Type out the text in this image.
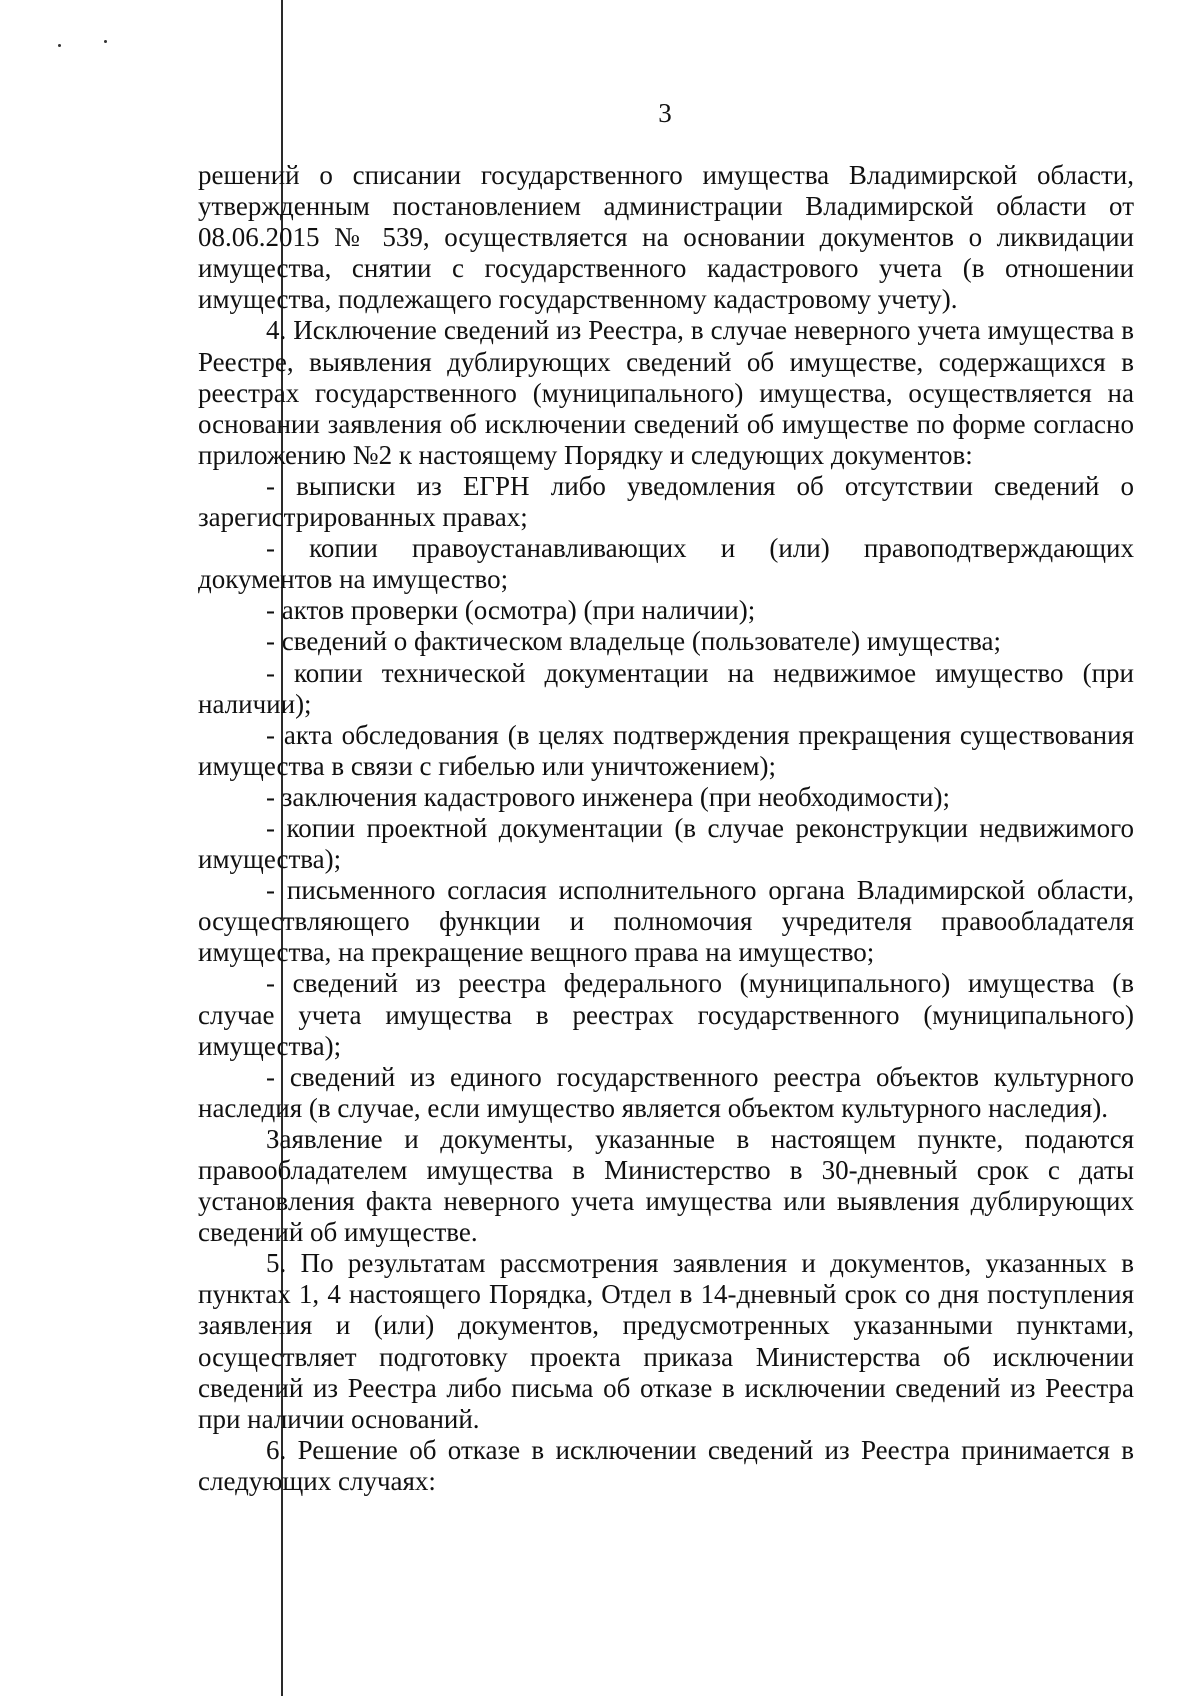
3

решений о списании государственного имущества Владимирской области, утвержденным постановлением администрации Владимирской области от 08.06.2015 № 539, осуществляется на основании документов о ликвидации имущества, снятии с государственного кадастрового учета (в отношении имущества, подлежащего государственному кадастровому учету).

4. Исключение сведений из Реестра, в случае неверного учета имущества в Реестре, выявления дублирующих сведений об имуществе, содержащихся в реестрах государственного (муниципального) имущества, осуществляется на основании заявления об исключении сведений об имуществе по форме согласно приложению №2 к настоящему Порядку и следующих документов:

- выписки из ЕГРН либо уведомления об отсутствии сведений о зарегистрированных правах;

- копии правоустанавливающих и (или) правоподтверждающих документов на имущество;

- актов проверки (осмотра) (при наличии);

- сведений о фактическом владельце (пользователе) имущества;

- копии технической документации на недвижимое имущество (при наличии);

- акта обследования (в целях подтверждения прекращения существования имущества в связи с гибелью или уничтожением);

- заключения кадастрового инженера (при необходимости);

- копии проектной документации (в случае реконструкции недвижимого имущества);

- письменного согласия исполнительного органа Владимирской области, осуществляющего функции и полномочия учредителя правообладателя имущества, на прекращение вещного права на имущество;

- сведений из реестра федерального (муниципального) имущества (в случае учета имущества в реестрах государственного (муниципального) имущества);

- сведений из единого государственного реестра объектов культурного наследия (в случае, если имущество является объектом культурного наследия).

Заявление и документы, указанные в настоящем пункте, подаются правообладателем имущества в Министерство в 30-дневный срок с даты установления факта неверного учета имущества или выявления дублирующих сведений об имуществе.

5. По результатам рассмотрения заявления и документов, указанных в пунктах 1, 4 настоящего Порядка, Отдел в 14-дневный срок со дня поступления заявления и (или) документов, предусмотренных указанными пунктами, осуществляет подготовку проекта приказа Министерства об исключении сведений из Реестра либо письма об отказе в исключении сведений из Реестра при наличии оснований.

6. Решение об отказе в исключении сведений из Реестра принимается в следующих случаях:
